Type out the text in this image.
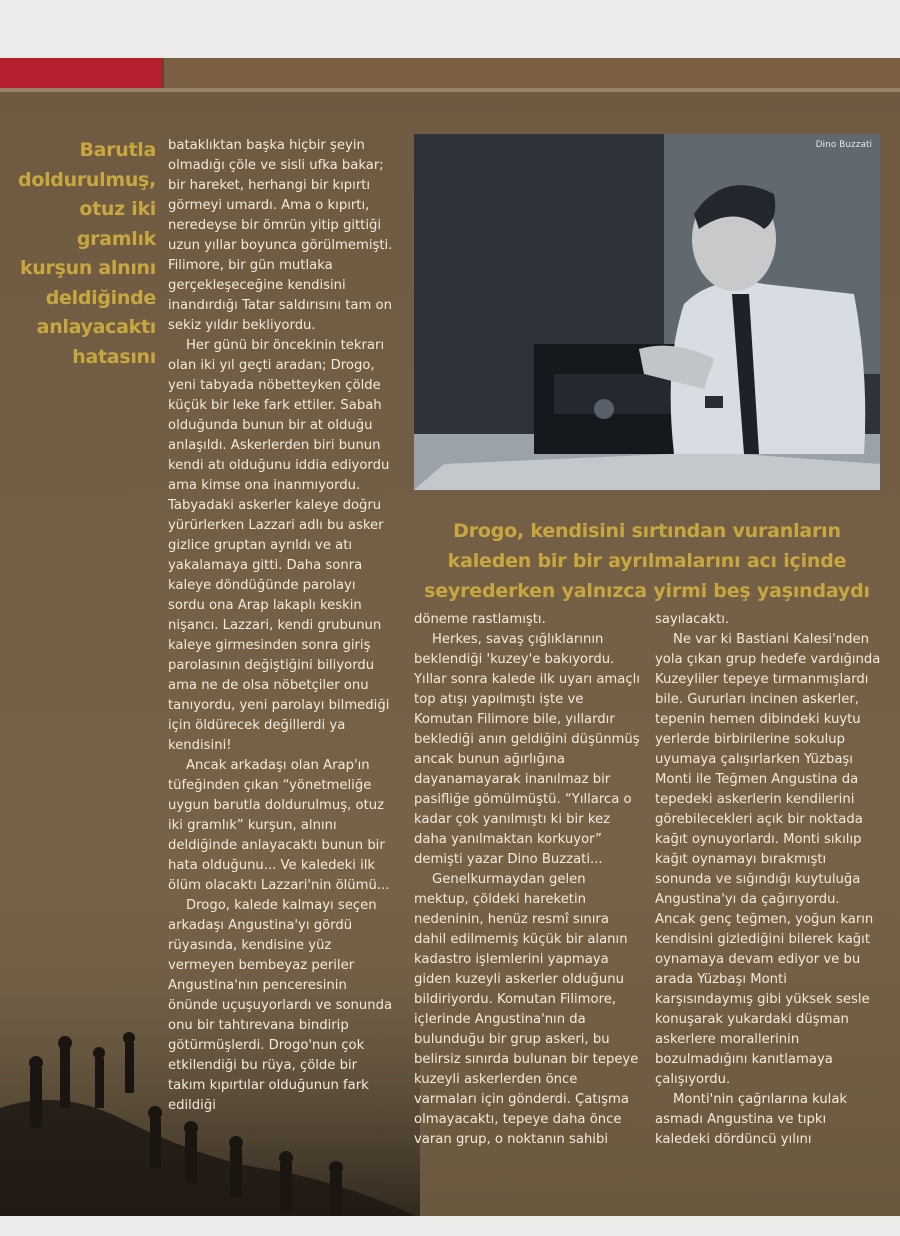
Barutla doldurulmuş, otuz iki gramlık kurşun alnını deldiğinde anlayacaktı hatasını

bataklıktan başka hiçbir şeyin olmadığı çöle ve sisli ufka bakar; bir hareket, herhangi bir kıpırtı görmeyi umardı. Ama o kıpırtı, neredeyse bir ömrün yitip gittiği uzun yıllar boyunca görülmemişti. Filimore, bir gün mutlaka gerçekleşeceğine kendisini inandırdığı Tatar saldırısını tam on sekiz yıldır bekliyordu.

Her günü bir öncekinin tekrarı olan iki yıl geçti aradan; Drogo, yeni tabyada nöbetteyken çölde küçük bir leke fark ettiler. Sabah olduğunda bunun bir at olduğu anlaşıldı. Askerlerden biri bunun kendi atı olduğunu iddia ediyordu ama kimse ona inanmıyordu. Tabyadaki askerler kaleye doğru yürürlerken Lazzari adlı bu asker gizlice gruptan ayrıldı ve atı yakalamaya gitti. Daha sonra kaleye döndüğünde parolayı sordu ona Arap lakaplı keskin nişancı. Lazzari, kendi grubunun kaleye girmesinden sonra giriş parolasının değiştiğini biliyordu ama ne de olsa nöbetçiler onu tanıyordu, yeni parolayı bilmediği için öldürecek değillerdi ya kendisini!

Ancak arkadaşı olan Arap'ın tüfeğinden çıkan “yönetmeliğe uygun barutla doldurulmuş, otuz iki gramlık” kurşun, alnını deldiğinde anlayacaktı bunun bir hata olduğunu... Ve kaledeki ilk ölüm olacaktı Lazzari'nin ölümü...

Drogo, kalede kalmayı seçen arkadaşı Angustina'yı gördü rüyasında, kendisine yüz vermeyen bembeyaz periler Angustina'nın penceresinin önünde uçuşuyorlardı ve sonunda onu bir tahtırevana bindirip götürmüşlerdi. Drogo'nun çok etkilendiği bu rüya, çölde bir takım kıpırtılar olduğunun fark edildiği

Dino Buzzati
Drogo, kendisini sırtından vuranların kaleden bir bir ayrılmalarını acı içinde seyrederken yalnızca yirmi beş yaşındaydı

döneme rastlamıştı.

Herkes, savaş çığlıklarının beklendiği 'kuzey'e bakıyordu. Yıllar sonra kalede ilk uyarı amaçlı top atışı yapılmıştı işte ve Komutan Filimore bile, yıllardır beklediği anın geldiğini düşünmüş ancak bunun ağırlığına dayanamayarak inanılmaz bir pasifliğe gömülmüştü. “Yıllarca o kadar çok yanılmıştı ki bir kez daha yanılmaktan korkuyor” demişti yazar Dino Buzzati...

Genelkurmaydan gelen mektup, çöldeki hareketin nedeninin, henüz resmî sınıra dahil edilmemiş küçük bir alanın kadastro işlemlerini yapmaya giden kuzeyli askerler olduğunu bildiriyordu. Komutan Filimore, içlerinde Angustina'nın da bulunduğu bir grup askeri, bu belirsiz sınırda bulunan bir tepeye kuzeyli askerlerden önce varmaları için gönderdi. Çatışma olmayacaktı, tepeye daha önce varan grup, o noktanın sahibi

sayılacaktı.

Ne var ki Bastiani Kalesi'nden yola çıkan grup hedefe vardığında Kuzeyliler tepeye tırmanmışlardı bile. Gururları incinen askerler, tepenin hemen dibindeki kuytu yerlerde birbirilerine sokulup uyumaya çalışırlarken Yüzbaşı Monti ile Teğmen Angustina da tepedeki askerlerin kendilerini görebilecekleri açık bir noktada kağıt oynuyorlardı. Monti sıkılıp kağıt oynamayı bırakmıştı sonunda ve sığındığı kuytuluğa Angustina'yı da çağırıyordu. Ancak genç teğmen, yoğun karın kendisini gizlediğini bilerek kağıt oynamaya devam ediyor ve bu arada Yüzbaşı Monti karşısındaymış gibi yüksek sesle konuşarak yukardaki düşman askerlere morallerinin bozulmadığını kanıtlamaya çalışıyordu.

Monti'nin çağrılarına kulak asmadı Angustina ve tıpkı kaledeki dördüncü yılını
